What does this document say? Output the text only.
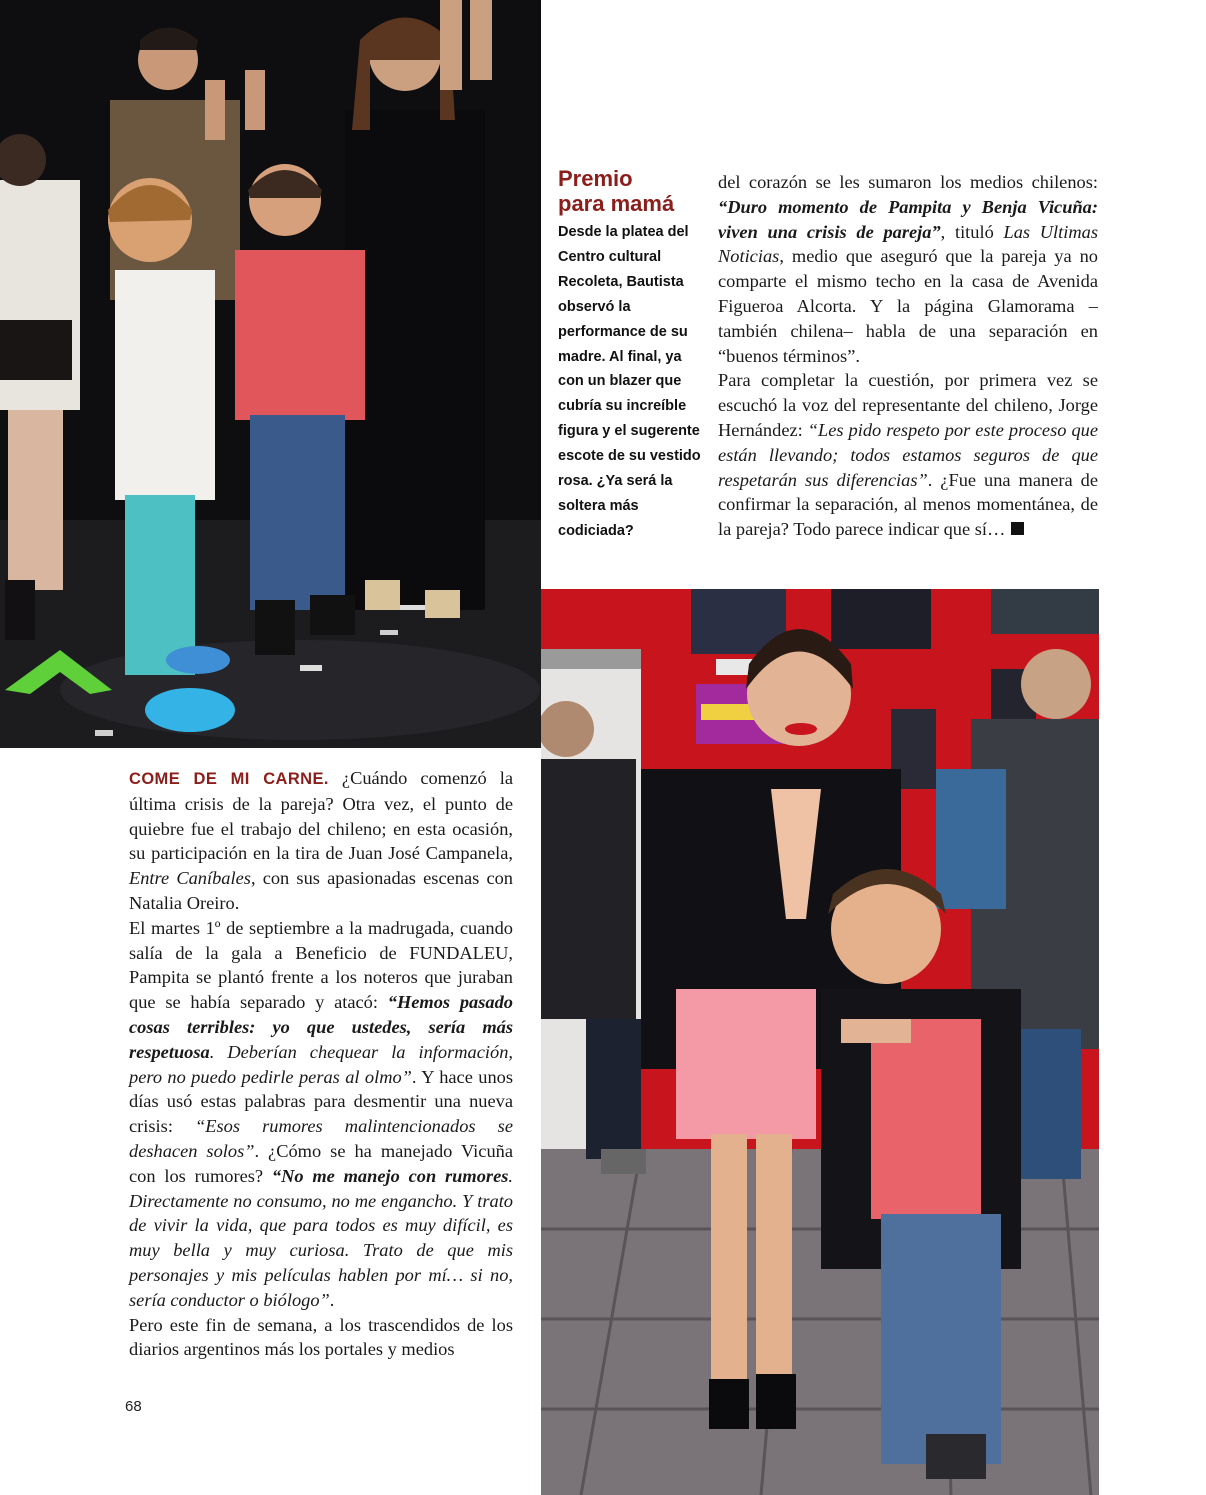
Premio
para mamá

Desde la platea del Centro cultural Recoleta, Bautista observó la performance de su madre. Al final, ya con un blazer que cubría su increíble figura y el sugerente escote de su vestido rosa. ¿Ya será la soltera más codiciada?

del corazón se les sumaron los medios chilenos: “Duro momento de Pampita y Benja Vicuña: viven una crisis de pareja”, tituló Las Ultimas Noticias, medio que aseguró que la pareja ya no comparte el mismo techo en la casa de Avenida Figueroa Alcorta. Y la página Glamorama –también chilena– habla de una separación en “buenos términos”.

Para completar la cuestión, por primera vez se escuchó la voz del representante del chileno, Jorge Hernández: “Les pido respeto por este proceso que están llevando; todos estamos seguros de que respetarán sus diferencias”. ¿Fue una manera de confirmar la separación, al menos momentánea, de la pareja? Todo parece indicar que sí…

COME DE MI CARNE. ¿Cuándo comenzó la última crisis de la pareja? Otra vez, el punto de quiebre fue el trabajo del chileno; en esta ocasión, su participación en la tira de Juan José Campanela, Entre Caníbales, con sus apasionadas escenas con Natalia Oreiro.

El martes 1º de septiembre a la madrugada, cuando salía de la gala a Beneficio de FUNDALEU, Pampita se plantó frente a los noteros que juraban que se había separado y atacó: “Hemos pasado cosas terribles: yo que ustedes, sería más respetuosa. Deberían chequear la información, pero no puedo pedirle peras al olmo”. Y hace unos días usó estas palabras para desmentir una nueva crisis: “Esos rumores malintencionados se deshacen solos”. ¿Cómo se ha manejado Vicuña con los rumores? “No me manejo con rumores. Directamente no consumo, no me engancho. Y trato de vivir la vida, que para todos es muy difícil, es muy bella y muy curiosa. Trato de que mis personajes y mis películas hablen por mí… si no, sería conductor o biólogo”.

Pero este fin de semana, a los trascendidos de los diarios argentinos más los portales y medios

68
